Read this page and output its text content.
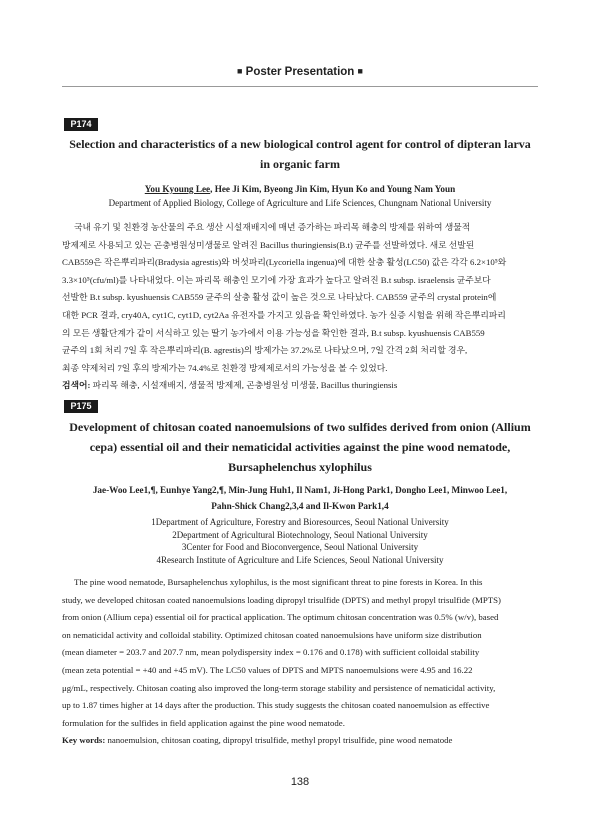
■ Poster Presentation ■
P174
Selection and characteristics of a new biological control agent for control of dipteran larva
in organic farm
You Kyoung Lee, Hee Ji Kim, Byeong Jin Kim, Hyun Ko and Young Nam Youn
Department of Applied Biology, College of Agriculture and Life Sciences, Chungnam National University
국내 유기 및 친환경 농산물의 주요 생산 시설재배지에 매년 증가하는 파리목 해충의 방제를 위하여 생물적
방제제로 사용되고 있는 곤충병원성미생물로 알려진 Bacillus thuringiensis(B.t) 균주를 선발하였다. 새로 선발된
CAB559은 작은뿌리파리(Bradysia agrestis)와 버섯파리(Lycoriella ingenua)에 대한 살충 활성(LC50) 값은 각각 6.2×10⁵와
3.3×10⁵(cfu/ml)를 나타내었다. 이는 파리목 해충인 모기에 가장 효과가 높다고 알려진 B.t subsp. israelensis 균주보다
선발한 B.t subsp. kyushuensis CAB559 균주의 살충 활성 값이 높은 것으로 나타났다. CAB559 균주의 crystal protein에
대한 PCR 결과, cry40A, cyt1C, cyt1D, cyt2Aa 유전자를 가지고 있음을 확인하였다. 농가 실증 시험을 위해 작은뿌리파리
의 모든 생활단계가 같이 서식하고 있는 딸기 농가에서 이용 가능성을 확인한 결과, B.t subsp. kyushuensis CAB559
균주의 1회 처리 7일 후 작은뿌리파리(B. agrestis)의 방제가는 37.2%로 나타났으며, 7일 간격 2회 처리할 경우,
최종 약제처리 7일 후의 방제가는 74.4%로 친환경 방제제로서의 가능성을 볼 수 있었다.
검색어: 파리목 해충, 시설재배지, 생물적 방제제, 곤충병원성 미생물, Bacillus thuringiensis
P175
Development of chitosan coated nanoemulsions of two sulfides derived from onion (Allium
cepa) essential oil and their nematicidal activities against the pine wood nematode,
Bursaphelenchus xylophilus
Jae-Woo Lee1,¶, Eunhye Yang2,¶, Min-Jung Huh1, Il Nam1, Ji-Hong Park1, Dongho Lee1, Minwoo Lee1,
Pahn-Shick Chang2,3,4 and Il-Kwon Park1,4
1Department of Agriculture, Forestry and Bioresources, Seoul National University
2Department of Agricultural Biotechnology, Seoul National University
3Center for Food and Bioconvergence, Seoul National University
4Research Institute of Agriculture and Life Sciences, Seoul National University
The pine wood nematode, Bursaphelenchus xylophilus, is the most significant threat to pine forests in Korea. In this
study, we developed chitosan coated nanoemulsions loading dipropyl trisulfide (DPTS) and methyl propyl trisulfide (MPTS)
from onion (Allium cepa) essential oil for practical application. The optimum chitosan concentration was 0.5% (w/v), based
on nematicidal activity and colloidal stability. Optimized chitosan coated nanoemulsions have uniform size distribution
(mean diameter = 203.7 and 207.7 nm, mean polydispersity index = 0.176 and 0.178) with sufficient colloidal stability
(mean zeta potential = +40 and +45 mV). The LC50 values of DPTS and MPTS nanoemulsions were 4.95 and 16.22
μg/mL, respectively. Chitosan coating also improved the long-term storage stability and persistence of nematicidal activity,
up to 1.87 times higher at 14 days after the production. This study suggests the chitosan coated nanoemulsion as effective
formulation for the sulfides in field application against the pine wood nematode.
Key words: nanoemulsion, chitosan coating, dipropyl trisulfide, methyl propyl trisulfide, pine wood nematode
138
